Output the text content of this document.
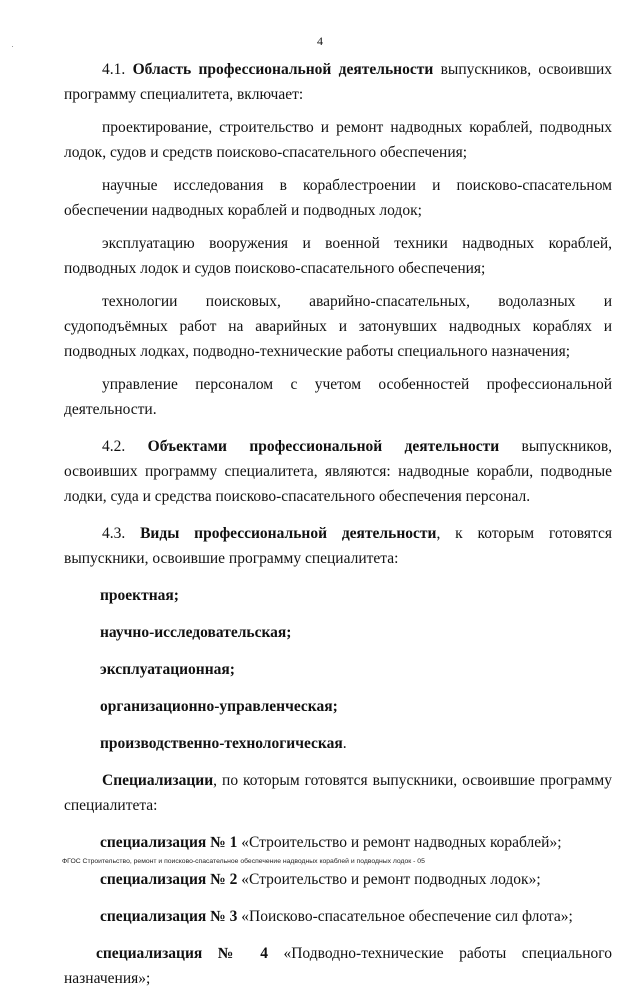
4

4.1. Область профессиональной деятельности выпускников, освоивших программу специалитета, включает:

проектирование, строительство и ремонт надводных кораблей, подводных лодок, судов и средств поисково-спасательного обеспечения;

научные исследования в кораблестроении и поисково-спасательном обеспечении надводных кораблей и подводных лодок;

эксплуатацию вооружения и военной техники надводных кораблей, подводных лодок и судов поисково-спасательного обеспечения;

технологии поисковых, аварийно-спасательных, водолазных и судоподъёмных работ на аварийных и затонувших надводных кораблях и подводных лодках, подводно-технические работы специального назначения;

управление персоналом с учетом особенностей профессиональной деятельности.

4.2. Объектами профессиональной деятельности выпускников, освоивших программу специалитета, являются: надводные корабли, подводные лодки, суда и средства поисково-спасательного обеспечения персонал.

4.3. Виды профессиональной деятельности, к которым готовятся выпускники, освоившие программу специалитета:

проектная;

научно-исследовательская;

эксплуатационная;

организационно-управленческая;

производственно-технологическая.

Специализации, по которым готовятся выпускники, освоившие программу специалитета:

специализация № 1 «Строительство и ремонт надводных кораблей»;

специализация № 2 «Строительство и ремонт подводных лодок»;

специализация № 3 «Поисково-спасательное обеспечение сил флота»;

специализация № 4 «Подводно-технические работы специального назначения»;

ФГОС Строительство, ремонт и поисково-спасательное обеспечение надводных кораблей и подводных лодок - 05
